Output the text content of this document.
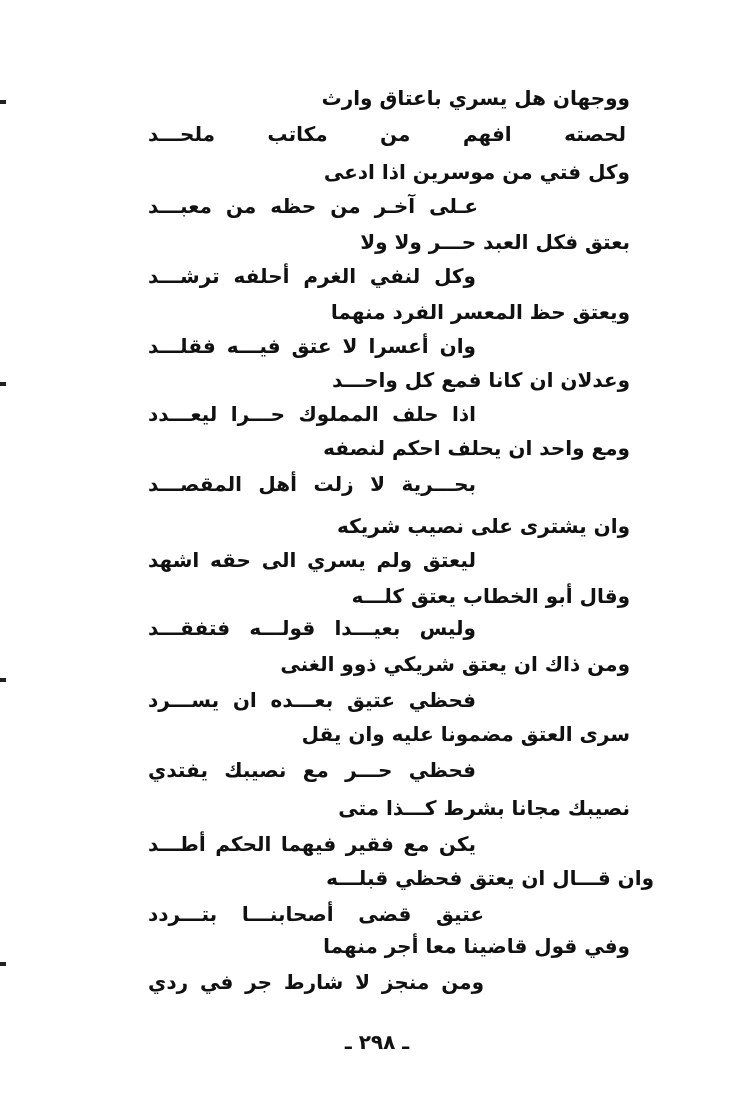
ووجهان هل يسري باعتاق وارث
لحصته افهم من مكاتب ملحـــد
وكل فتي من موسرين اذا ادعى
عـلى آخـر من حظه من معبـــد
بعتق فكل العبد حـــر ولا ولا
وكل لنفي الغرم أحلفه ترشـــد
ويعتق حظ المعسر الفرد منهما
وان أعسرا لا عتق فيـــه فقلـــد
وعدلان ان كانا فمع كل واحـــد
اذا حلف المملوك حـــرا ليعـــدد
ومع واحد ان يحلف احكم لنصفه
بحـــرية لا زلت أهل المقصـــد
وان يشترى على نصيب شريكه
ليعتق ولم يسري الى حقه اشهد
وقال أبو الخطاب يعتق كلـــه
وليس بعيـــدا قولـــه فتفقـــد
ومن ذاك ان يعتق شريكي ذوو الغنى
فحظي عتيق بعـــده ان يســـرد
سرى العتق مضمونا عليه وان يقل
فحظي حـــر مع نصيبك يفتدي
نصيبك مجانا بشرط كـــذا متى
يكن مع فقير فيهما الحكم أطـــد
وان قـــال ان يعتق فحظي قبلـــه
عتيق قضى أصحابنـــا بتـــردد
وفي قول قاضينا معا أجر منهما
ومن منجز لا شارط جر في ردي
ـ ٢٩٨ ـ
